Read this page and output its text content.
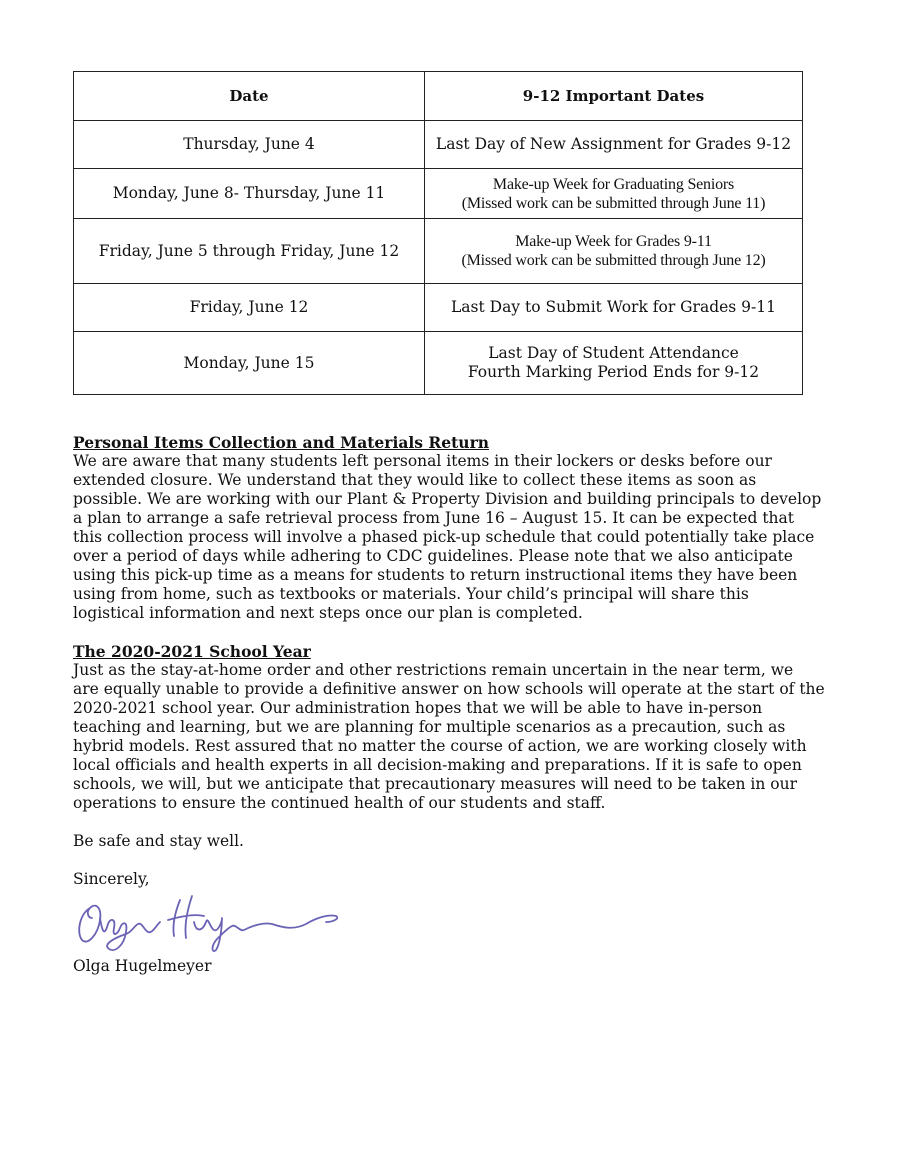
Date	9-12 Important Dates
Thursday, June 4	Last Day of New Assignment for Grades 9-12

Monday, June 8- Thursday, June 11	Make-up Week for Graduating Seniors
(Missed work can be submitted through June 11)

Friday, June 5 through Friday, June 12	Make-up Week for Grades 9-11
(Missed work can be submitted through June 12)

Friday, June 12	Last Day to Submit Work for Grades 9-11

Monday, June 15	Last Day of Student Attendance
Fourth Marking Period Ends for 9-12
Personal Items Collection and Materials Return
We are aware that many students left personal items in their lockers or desks before our
extended closure. We understand that they would like to collect these items as soon as
possible. We are working with our Plant & Property Division and building principals to develop
a plan to arrange a safe retrieval process from June 16 – August 15. It can be expected that
this collection process will involve a phased pick-up schedule that could potentially take place
over a period of days while adhering to CDC guidelines. Please note that we also anticipate
using this pick-up time as a means for students to return instructional items they have been
using from home, such as textbooks or materials. Your child’s principal will share this
logistical information and next steps once our plan is completed.
The 2020-2021 School Year
Just as the stay-at-home order and other restrictions remain uncertain in the near term, we
are equally unable to provide a definitive answer on how schools will operate at the start of the
2020-2021 school year. Our administration hopes that we will be able to have in-person
teaching and learning, but we are planning for multiple scenarios as a precaution, such as
hybrid models. Rest assured that no matter the course of action, we are working closely with
local officials and health experts in all decision-making and preparations. If it is safe to open
schools, we will, but we anticipate that precautionary measures will need to be taken in our
operations to ensure the continued health of our students and staff.
Be safe and stay well.
Sincerely,
Olga Hugelmeyer
